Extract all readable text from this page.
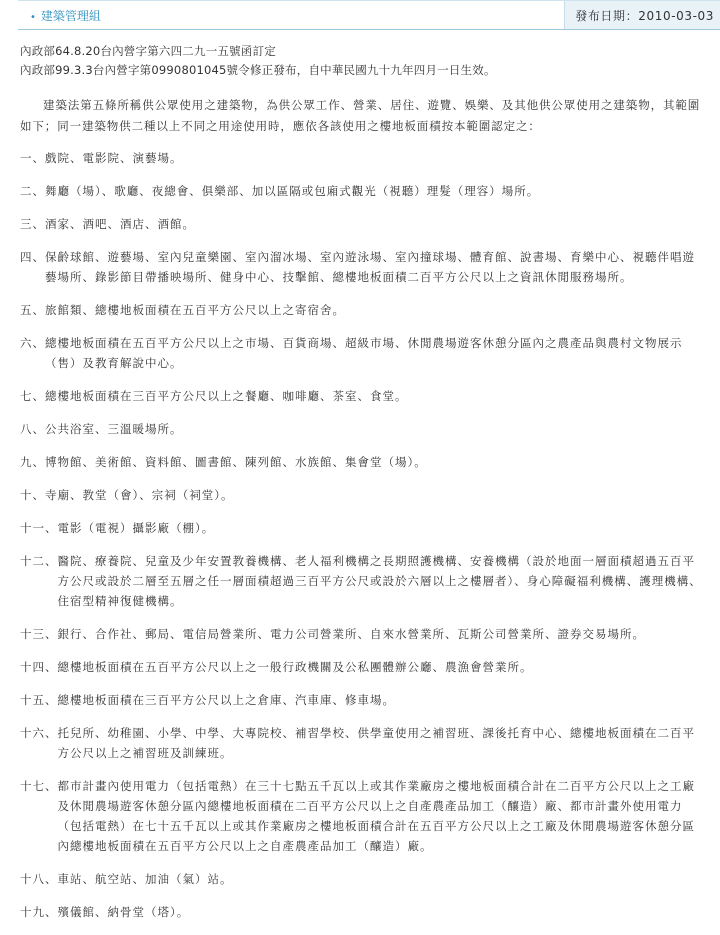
• 建築管理組	發布日期：2010-03-03
內政部64.8.20台內營字第六四二九一五號函訂定
內政部99.3.3台內營字第0990801045號令修正發布，自中華民國九十九年四月一日生效。
建築法第五條所稱供公眾使用之建築物，為供公眾工作、營業、居住、遊覽、娛樂、及其他供公眾使用之建築物，其範圍如下；同一建築物供二種以上不同之用途使用時，應依各該使用之樓地板面積按本範圍認定之：
一、 戲院、電影院、演藝場。
二、 舞廳（場）、歌廳、夜總會、俱樂部、加以區隔或包廂式觀光（視聽）理髮（理容）場所。
三、 酒家、酒吧、酒店、酒館。
四、 保齡球館、遊藝場、室內兒童樂園、室內溜冰場、室內遊泳場、室內撞球場、體育館、說書場、育樂中心、視聽伴唱遊藝場所、錄影節目帶播映場所、健身中心、技擊館、總樓地板面積二百平方公尺以上之資訊休閒服務場所。
五、 旅館類、總樓地板面積在五百平方公尺以上之寄宿舍。
六、 總樓地板面積在五百平方公尺以上之市場、百貨商場、超級市場、休閒農場遊客休憩分區內之農產品與農村文物展示（售）及教育解說中心。
七、 總樓地板面積在三百平方公尺以上之餐廳、咖啡廳、茶室、食堂。
八、 公共浴室、三溫暖場所。
九、 博物館、美術館、資料館、圖書館、陳列館、水族館、集會堂（場）。
十、 寺廟、教堂（會）、宗祠（祠堂）。
十一、 電影（電視）攝影廠（棚）。
十二、 醫院、療養院、兒童及少年安置教養機構、老人福利機構之長期照護機構、安養機構（設於地面一層面積超過五百平方公尺或設於二層至五層之任一層面積超過三百平方公尺或設於六層以上之樓層者）、身心障礙福利機構、護理機構、住宿型精神復健機構。
十三、 銀行、合作社、郵局、電信局營業所、電力公司營業所、自來水營業所、瓦斯公司營業所、證券交易場所。
十四、 總樓地板面積在五百平方公尺以上之一般行政機關及公私團體辦公廳、農漁會營業所。
十五、 總樓地板面積在三百平方公尺以上之倉庫、汽車庫、修車場。
十六、 托兒所、幼稚園、小學、中學、大專院校、補習學校、供學童使用之補習班、課後托育中心、總樓地板面積在二百平方公尺以上之補習班及訓練班。
十七、 都市計畫內使用電力（包括電熱）在三十七點五千瓦以上或其作業廠房之樓地板面積合計在二百平方公尺以上之工廠及休閒農場遊客休憩分區內總樓地板面積在二百平方公尺以上之自產農產品加工（釀造）廠、都市計畫外使用電力（包括電熱）在七十五千瓦以上或其作業廠房之樓地板面積合計在五百平方公尺以上之工廠及休閒農場遊客休憩分區內總樓地板面積在五百平方公尺以上之自產農產品加工（釀造）廠。
十八、 車站、航空站、加油（氣）站。
十九、 殯儀館、納骨堂（塔）。
